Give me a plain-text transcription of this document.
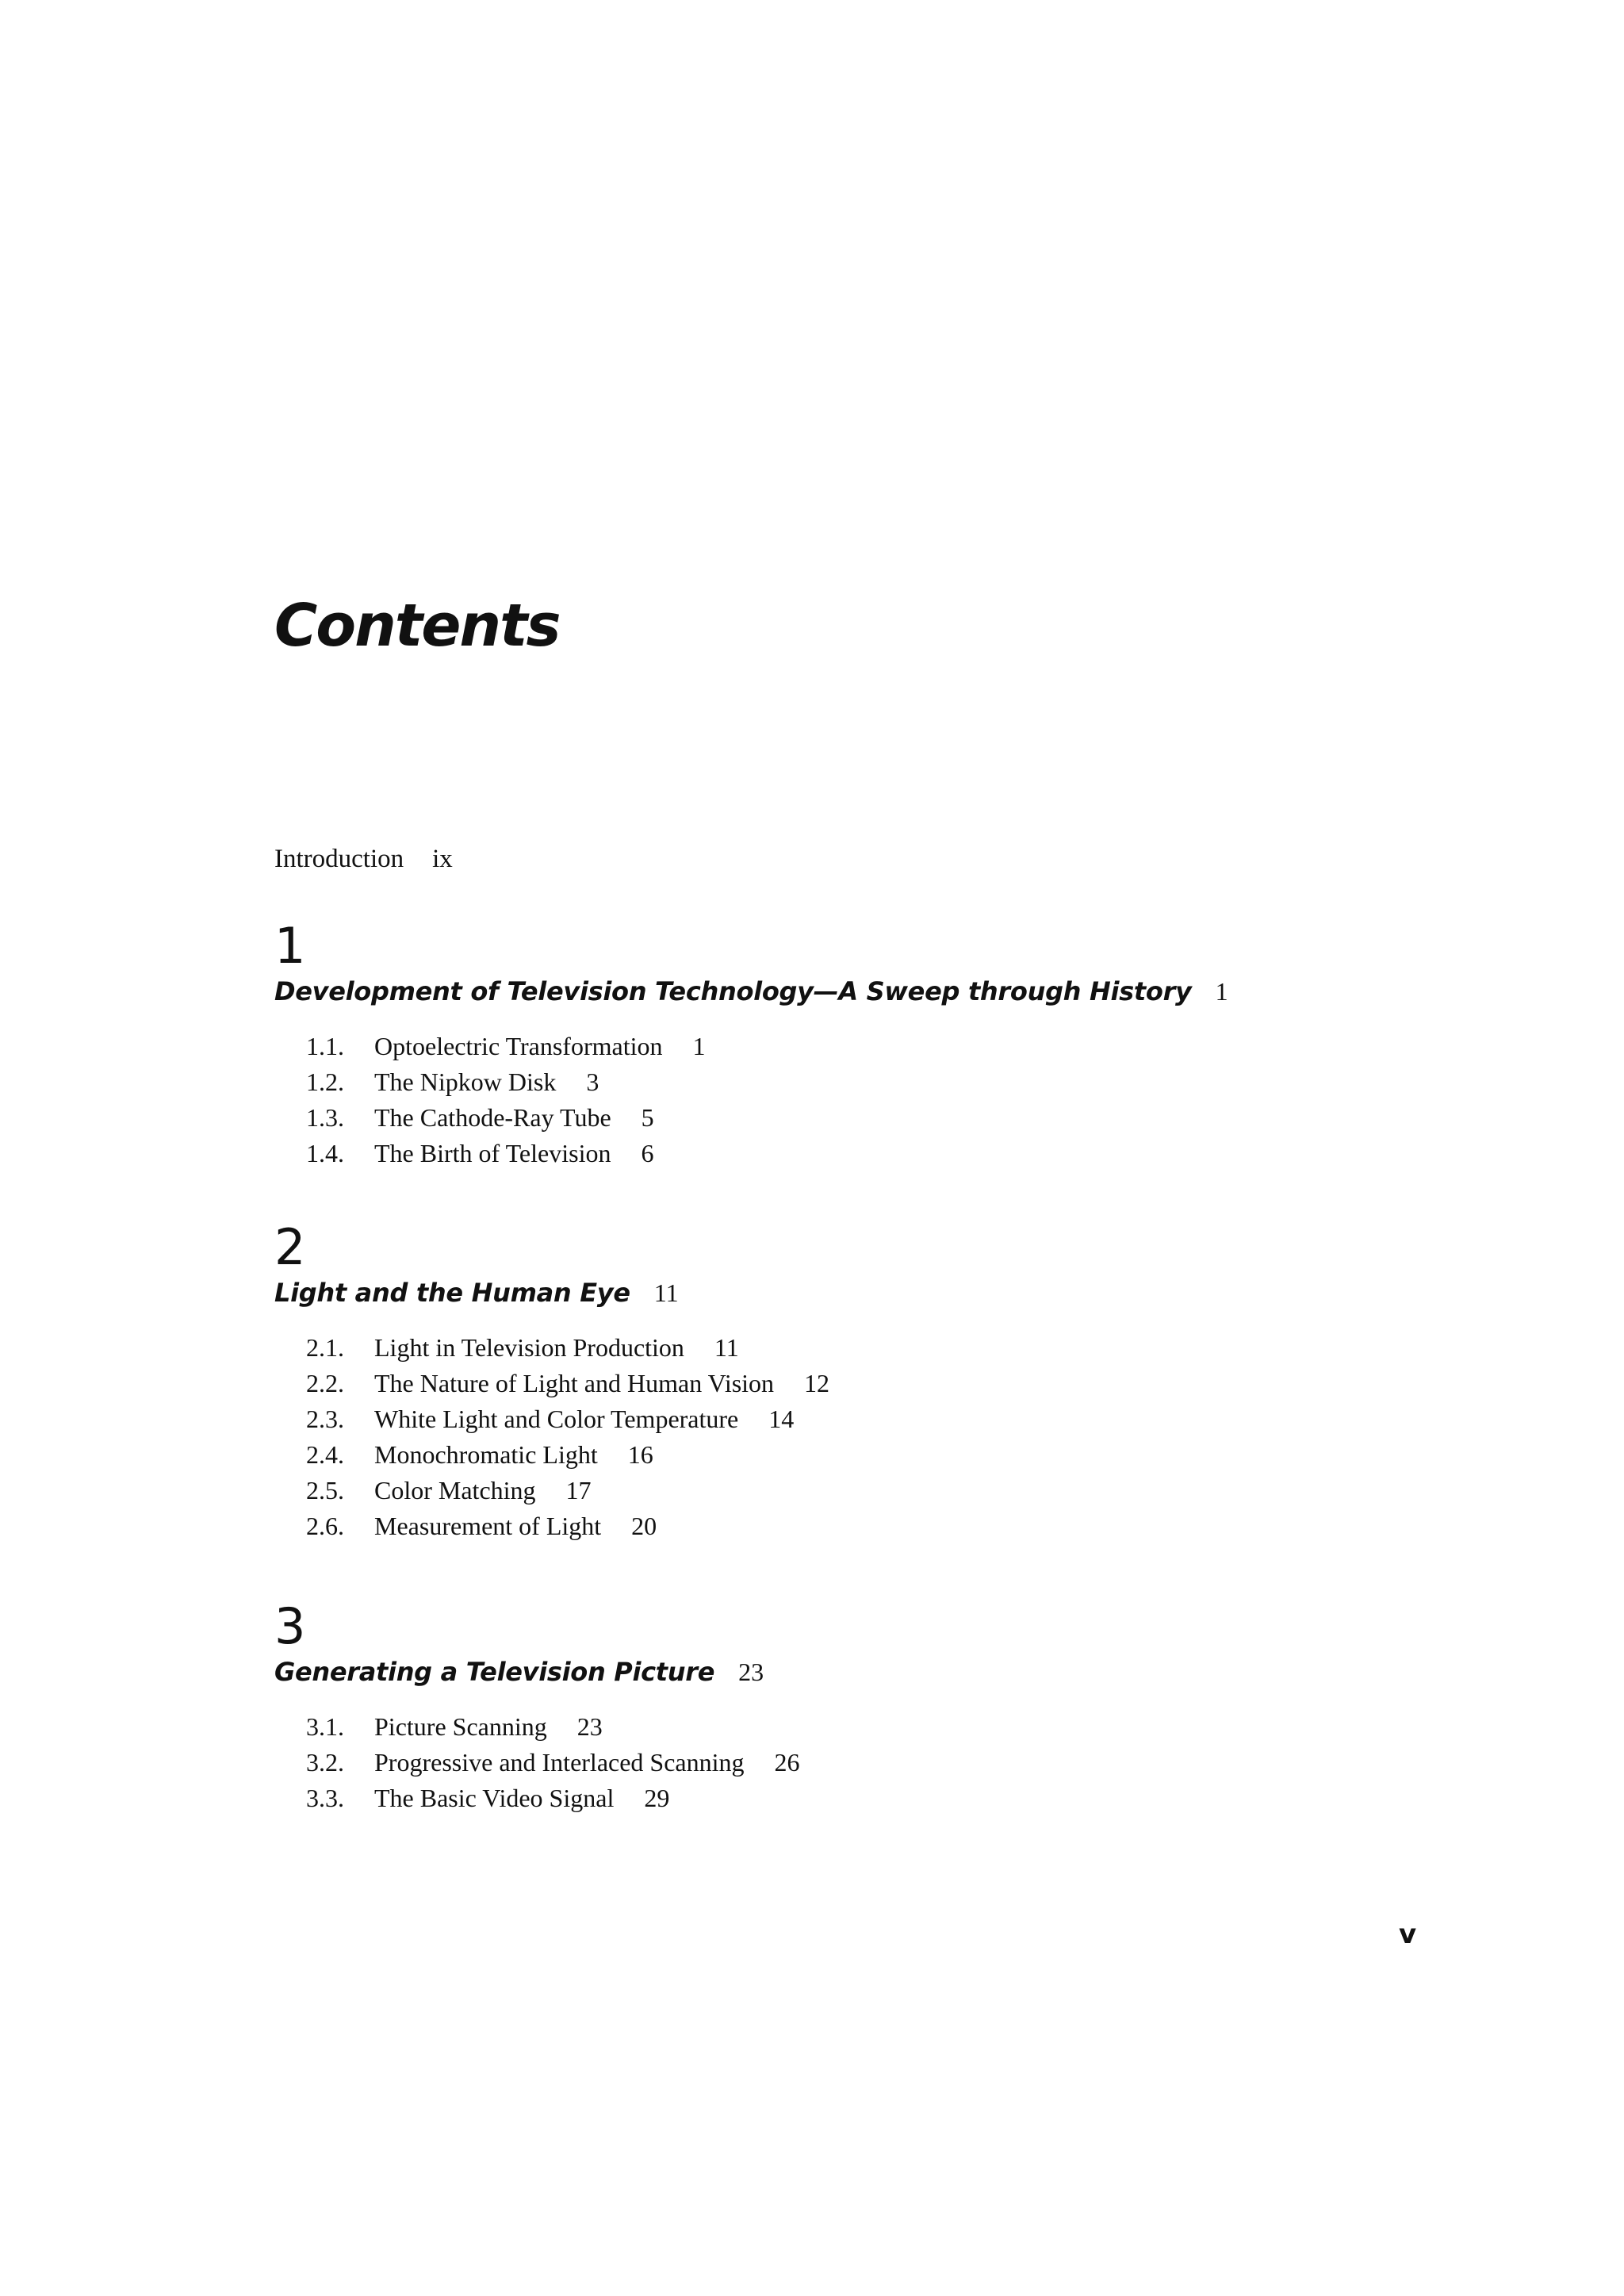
Contents
Introduction ix
1
Development of Television Technology—A Sweep through History 1
1.1. Optoelectric Transformation 1
1.2. The Nipkow Disk 3
1.3. The Cathode-Ray Tube 5
1.4. The Birth of Television 6
2
Light and the Human Eye 11
2.1. Light in Television Production 11
2.2. The Nature of Light and Human Vision 12
2.3. White Light and Color Temperature 14
2.4. Monochromatic Light 16
2.5. Color Matching 17
2.6. Measurement of Light 20
3
Generating a Television Picture 23
3.1. Picture Scanning 23
3.2. Progressive and Interlaced Scanning 26
3.3. The Basic Video Signal 29
v
